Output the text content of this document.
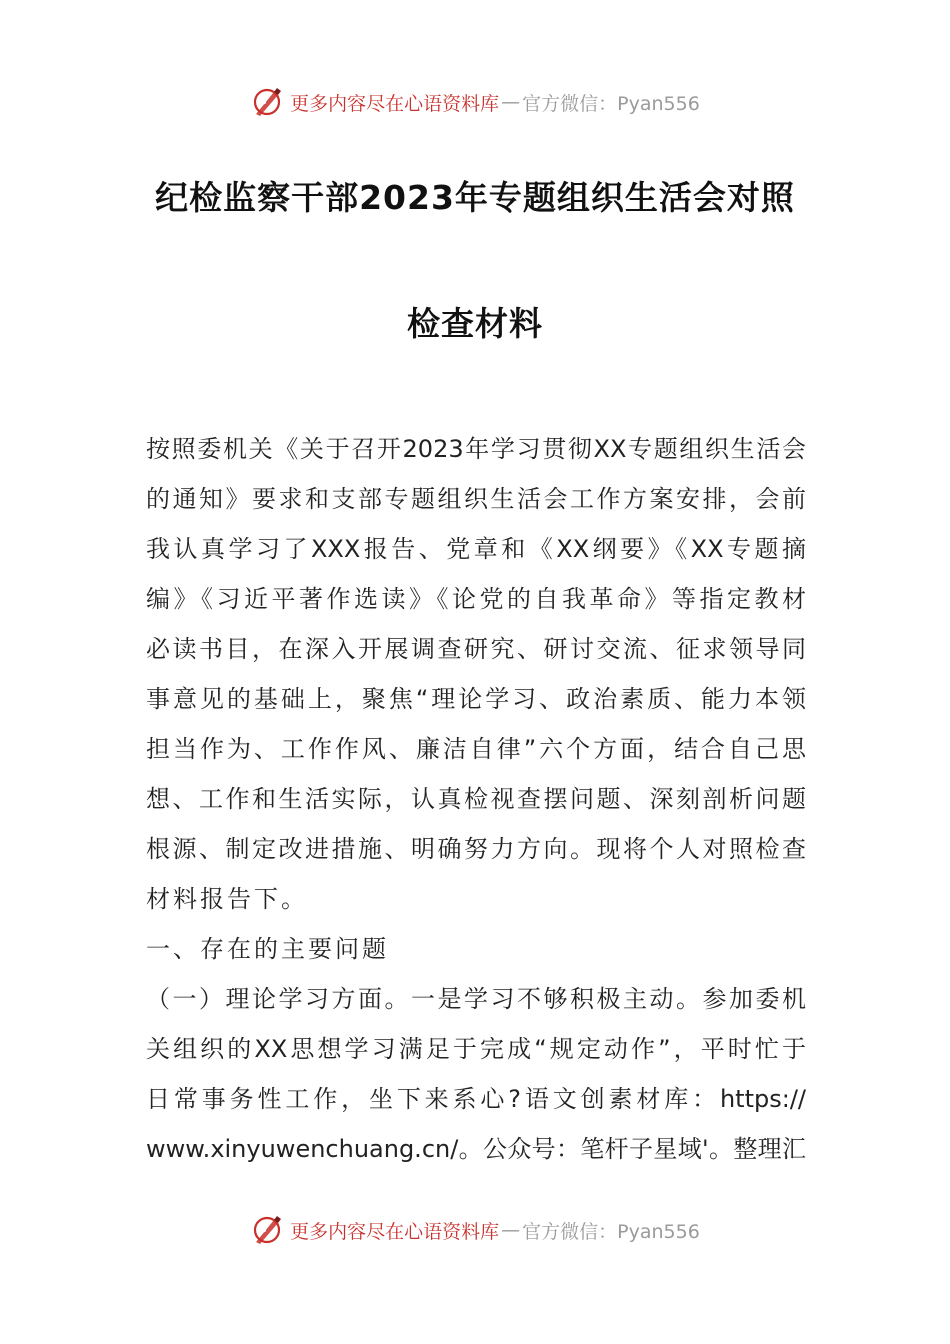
更多内容尽在心语资料库 — 官方微信：Pyan556
纪检监察干部2023年专题组织生活会对照
检查材料
按照委机关《关于召开2023年学习贯彻XX专题组织生活会
的通知》要求和支部专题组织生活会工作方案安排，会前
我认真学习了XXX报告、党章和《XX纲要》《XX专题摘
编》《习近平著作选读》《论党的自我革命》等指定教材
必读书目，在深入开展调查研究、研讨交流、征求领导同
事意见的基础上，聚焦“理论学习、政治素质、能力本领
担当作为、工作作风、廉洁自律”六个方面，结合自己思
想、工作和生活实际，认真检视查摆问题、深刻剖析问题
根源、制定改进措施、明确努力方向。现将个人对照检查
材料报告下。
一、存在的主要问题
（一）理论学习方面。一是学习不够积极主动。参加委机
关组织的XX思想学习满足于完成“规定动作”，平时忙于
日常事务性工作，坐下来系心?语文创素材库：https://
www.xinyuwenchuang.cn/。公众号：笔杆子星域'。整理汇
更多内容尽在心语资料库 — 官方微信：Pyan556
